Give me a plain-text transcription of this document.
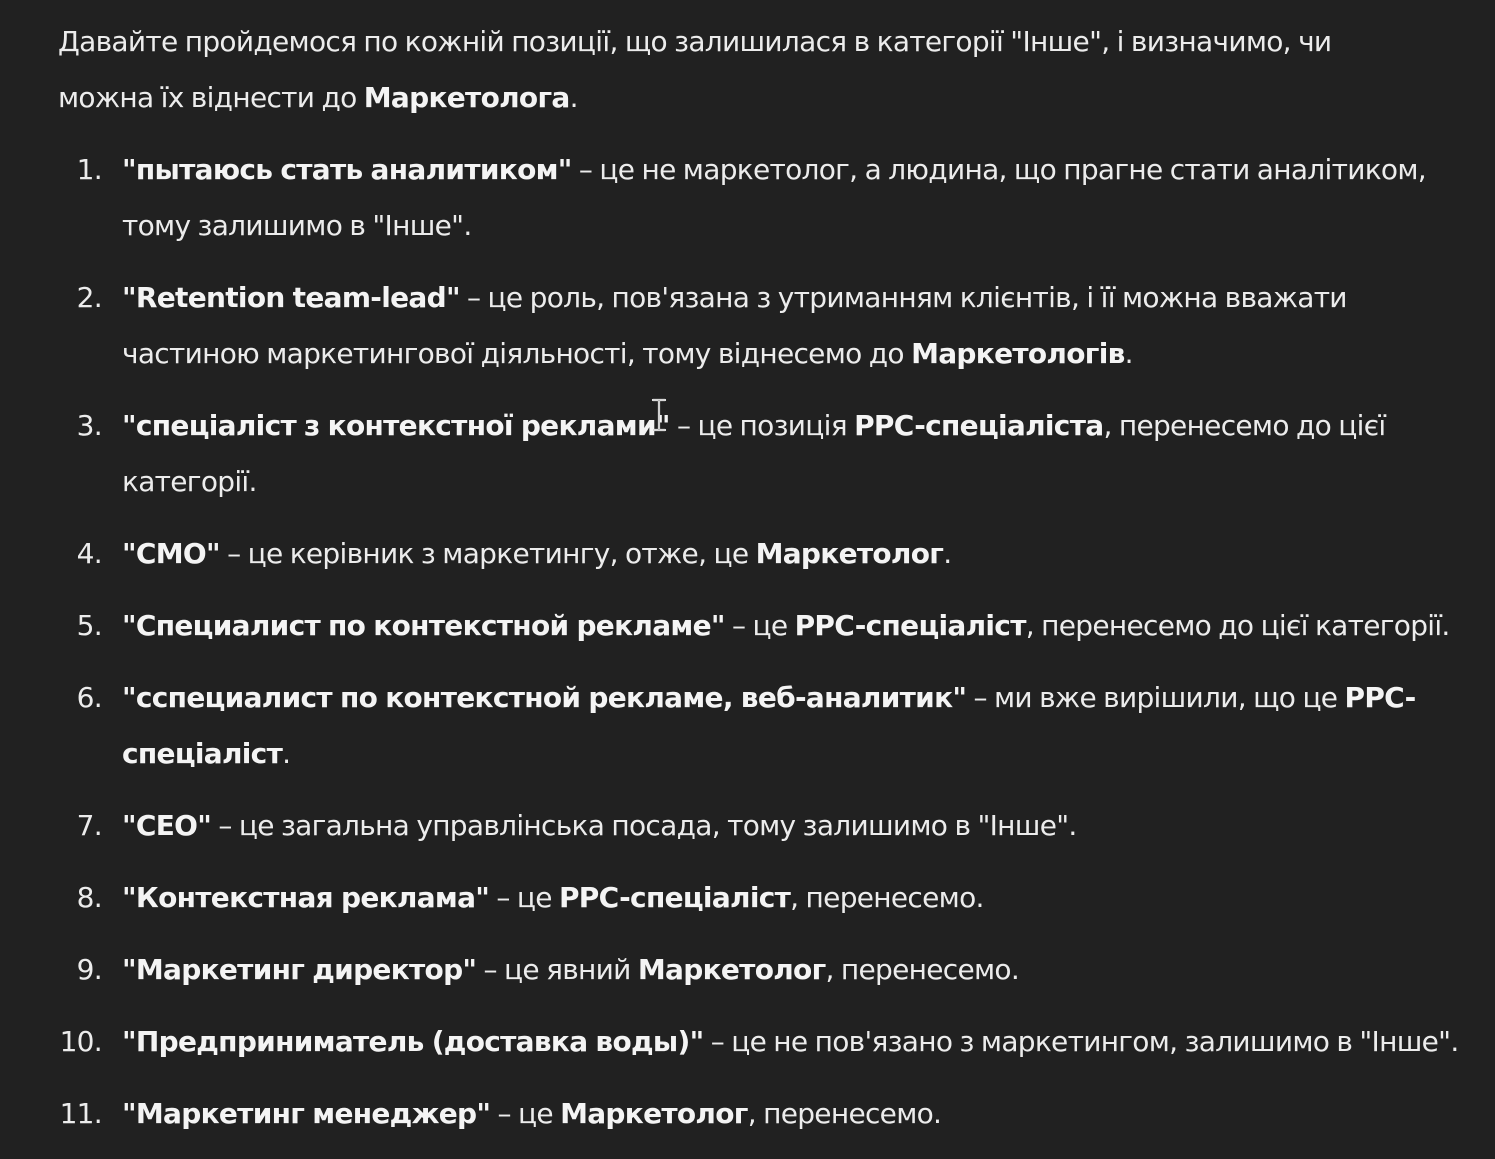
Давайте пройдемося по кожній позиції, що залишилася в категорії "Інше", і визначимо, чи
можна їх віднести до Маркетолога.

1. "пытаюсь стать аналитиком" – це не маркетолог, а людина, що прагне стати аналітиком,
тому залишимо в "Інше".
2. "Retention team-lead" – це роль, пов'язана з утриманням клієнтів, і її можна вважати
частиною маркетингової діяльності, тому віднесемо до Маркетологів.
3. "спеціаліст з контекстної реклами" – це позиція PPC-спеціаліста, перенесемо до цієї
категорії.
4. "CMO" – це керівник з маркетингу, отже, це Маркетолог.
5. "Специалист по контекстной рекламе" – це PPC-спеціаліст, перенесемо до цієї категорії.
6. "сспециалист по контекстной рекламе, веб-аналитик" – ми вже вирішили, що це PPC-
спеціаліст.
7. "CEO" – це загальна управлінська посада, тому залишимо в "Інше".
8. "Контекстная реклама" – це PPC-спеціаліст, перенесемо.
9. "Маркетинг директор" – це явний Маркетолог, перенесемо.
10. "Предприниматель (доставка воды)" – це не пов'язано з маркетингом, залишимо в "Інше".
11. "Маркетинг менеджер" – це Маркетолог, перенесемо.
